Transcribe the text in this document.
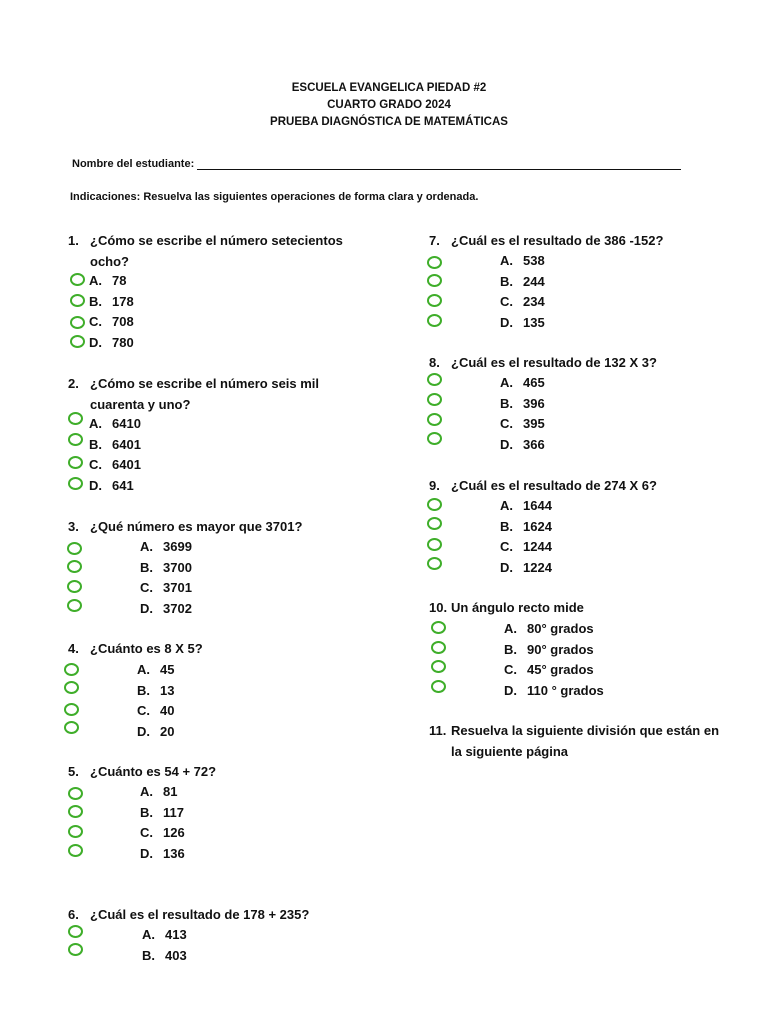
ESCUELA EVANGELICA PIEDAD #2
CUARTO GRADO 2024
PRUEBA DIAGNÓSTICA DE MATEMÁTICAS
Nombre del estudiante:
Indicaciones: Resuelva las siguientes operaciones de forma clara y ordenada.
1. ¿Cómo se escribe el número setecientos
ocho?
A. 78
B. 178
C. 708
D. 780
2. ¿Cómo se escribe el número seis mil
cuarenta y uno?
A. 6410
B. 6401
C. 6401
D. 641
3. ¿Qué número es mayor que 3701?
A. 3699
B. 3700
C. 3701
D. 3702
4. ¿Cuánto es 8 X 5?
A. 45
B. 13
C. 40
D. 20
5. ¿Cuánto es 54 + 72?
A. 81
B. 117
C. 126
D. 136
6. ¿Cuál es el resultado de 178 + 235?
A. 413
B. 403
7. ¿Cuál es el resultado de 386 -152?
A. 538
B. 244
C. 234
D. 135
8. ¿Cuál es el resultado de 132 X 3?
A. 465
B. 396
C. 395
D. 366
9. ¿Cuál es el resultado de 274 X 6?
A. 1644
B. 1624
C. 1244
D. 1224
10. Un ángulo recto mide
A. 80° grados
B. 90° grados
C. 45° grados
D. 110 ° grados
11. Resuelva la siguiente división que están en
la siguiente página
